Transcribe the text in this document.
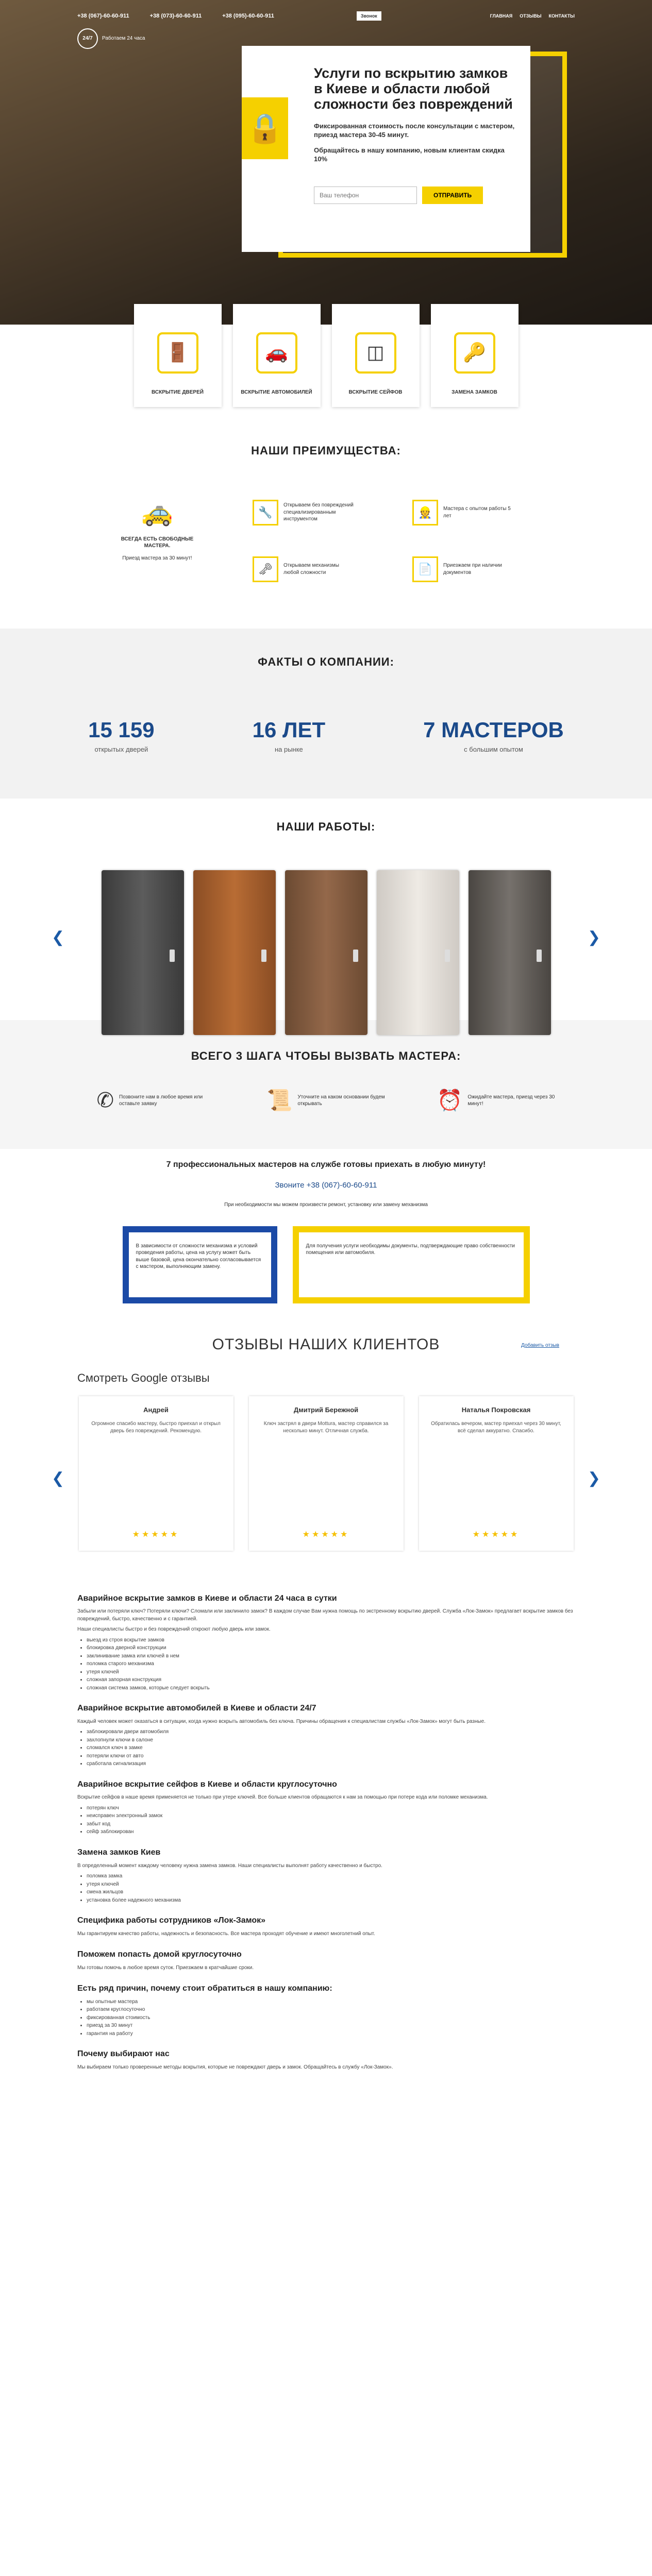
+38 (067)-60-60-911	+38 (073)-60-60-911	+38 (095)-60-60-911	Звонок	ГЛАВНАЯ ОТЗЫВЫ КОНТАКТЫ
24/7	Работаем 24 часа
🔒
Услуги по вскрытию замков в Киеве и области любой сложности без повреждений

Фиксированная стоимость после консультации с мастером, приезд мастера 30-45 минут.

Обращайтесь в нашу компанию, новым клиентам скидка 10%

Ваш телефон
ОТПРАВИТЬ
🚪
ВСКРЫТИЕ ДВЕРЕЙ
🚗
ВСКРЫТИЕ АВТОМОБИЛЕЙ
◫
ВСКРЫТИЕ СЕЙФОВ
🔑
ЗАМЕНА ЗАМКОВ
НАШИ ПРЕИМУЩЕСТВА:
🚕
ВСЕГДА ЕСТЬ СВОБОДНЫЕ МАСТЕРА.
Приезд мастера за 30 минут!
🔧
Открываем без повреждений специализированным инструментом
👷	Мастера с опытом работы 5 лет
🗝	Открываем механизмы любой сложности	📄	Приезжаем при наличии документов
ФАКТЫ О КОМПАНИИ:
15 159
открытых дверей
16 ЛЕТ
на рынке
7 МАСТЕРОВ
с большим опытом
НАШИ РАБОТЫ:
❮	❯
ВСЕГО 3 ШАГА ЧТОБЫ ВЫЗВАТЬ МАСТЕРА:
✆ Позвоните нам в любое время или оставьте заявку	📜 Уточните на каком основании будем открывать	⏰ Ожидайте мастера, приезд через 30 минут!
7 профессиональных мастеров на службе готовы приехать в любую минуту!
Звоните +38 (067)-60-60-911
При необходимости мы можем произвести ремонт, установку или замену механизма
В зависимости от сложности механизма и условий проведения работы, цена на услугу может быть выше базовой, цена окончательно согласовывается с мастером, выполняющим замену.
Для получения услуги необходимы документы, подтверждающие право собственности помещения или автомобиля.
ОТЗЫВЫ НАШИХ КЛИЕНТОВ	Добавить отзыв
Смотреть Google отзывы
❮	❯
Андрей
Огромное спасибо мастеру, быстро приехал и открыл дверь без повреждений. Рекомендую.
★★★★★
Дмитрий Бережной
Ключ застрял в двери Mottura, мастер справился за несколько минут. Отличная служба.
★★★★★
Наталья Покровская
Обратилась вечером, мастер приехал через 30 минут, всё сделал аккуратно. Спасибо.
★★★★★
Аварийное вскрытие замков в Киеве и области 24 часа в сутки

Забыли или потеряли ключ? Потеряли ключи? Сломали или заклинило замок? В каждом случае Вам нужна помощь по экстренному вскрытию дверей. Служба «Лок-Замок» предлагает вскрытие замков без повреждений, быстро, качественно и с гарантией.

Наши специалисты быстро и без повреждений откроют любую дверь или замок.

• выезд из строя вскрытие замков
• блокировка дверной конструкции
• заклинивание замка или ключей в нем
• поломка старого механизма
• утеря ключей
• сложная запорная конструкция
• сложная система замков, которые следует вскрыть
Аварийное вскрытие автомобилей в Киеве и области 24/7

Каждый человек может оказаться в ситуации, когда нужно вскрыть автомобиль без ключа. Причины обращения к специалистам службы «Лок-Замок» могут быть разные.

• заблокировали двери автомобиля
• захлопнули ключи в салоне
• сломался ключ в замке
• потеряли ключи от авто
• сработала сигнализация
Аварийное вскрытие сейфов в Киеве и области круглосуточно

Вскрытие сейфов в наше время применяется не только при утере ключей. Все больше клиентов обращаются к нам за помощью при потере кода или поломке механизма.

• потерян ключ
• неисправен электронный замок
• забыт код
• сейф заблокирован
Замена замков Киев

В определенный момент каждому человеку нужна замена замков. Наши специалисты выполнят работу качественно и быстро.

• поломка замка
• утеря ключей
• смена жильцов
• установка более надежного механизма
Специфика работы сотрудников «Лок-Замок»

Мы гарантируем качество работы, надежность и безопасность. Все мастера проходят обучение и имеют многолетний опыт.

Поможем попасть домой круглосуточно

Мы готовы помочь в любое время суток. Приезжаем в кратчайшие сроки.

Есть ряд причин, почему стоит обратиться в нашу компанию:
• мы опытные мастера
• работаем круглосуточно
• фиксированная стоимость
• приезд за 30 минут
• гарантия на работу
Почему выбирают нас

Мы выбираем только проверенные методы вскрытия, которые не повреждают дверь и замок. Обращайтесь в службу «Лок-Замок».
